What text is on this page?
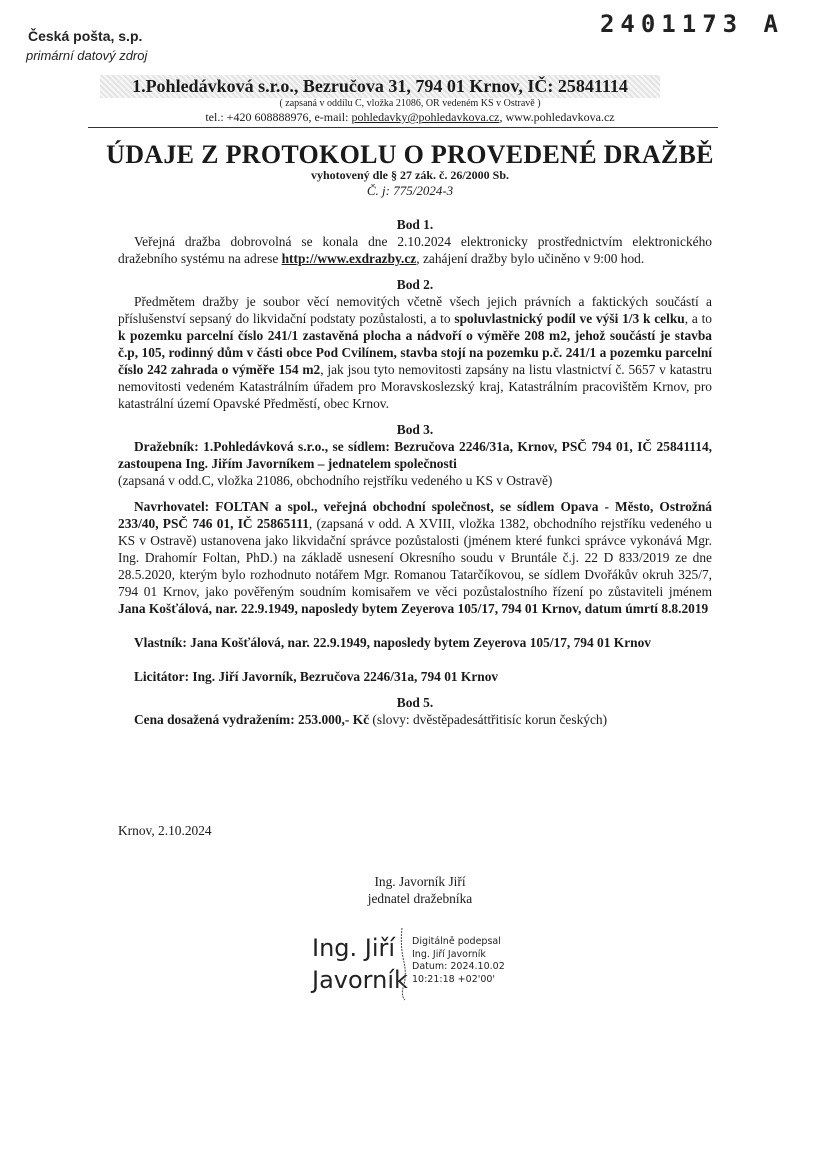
2401173 A
Česká pošta, s.p.
primární datový zdroj
1.Pohledávková s.r.o., Bezručova 31, 794 01 Krnov, IČ: 25841114
( zapsaná v oddílu C, vložka 21086, OR vedeném KS v Ostravě )
tel.: +420 608888976, e-mail: pohledavky@pohledavkova.cz, www.pohledavkova.cz
ÚDAJE Z PROTOKOLU O PROVEDENÉ DRAŽBĚ
vyhotovený dle § 27 zák. č. 26/2000 Sb.
Č. j: 775/2024-3
Bod 1.

Veřejná dražba dobrovolná se konala dne 2.10.2024 elektronicky prostřednictvím elektronického dražebního systému na adrese http://www.exdrazby.cz, zahájení dražby bylo učiněno v 9:00 hod.

Bod 2.

Předmětem dražby je soubor věcí nemovitých včetně všech jejich právních a faktických součástí a příslušenství sepsaný do likvidační podstaty pozůstalosti, a to spoluvlastnický podíl ve výši 1/3 k celku, a to k pozemku parcelní číslo 241/1 zastavěná plocha a nádvoří o výměře 208 m2, jehož součástí je stavba č.p, 105, rodinný dům v části obce Pod Cvilínem, stavba stojí na pozemku p.č. 241/1 a pozemku parcelní číslo 242 zahrada o výměře 154 m2, jak jsou tyto nemovitosti zapsány na listu vlastnictví č. 5657 v katastru nemovitosti vedeném Katastrálním úřadem pro Moravskoslezský kraj, Katastrálním pracovištěm Krnov, pro katastrální území Opavské Předměstí, obec Krnov.

Bod 3.

Dražebník: 1.Pohledávková s.r.o., se sídlem: Bezručova 2246/31a, Krnov, PSČ 794 01, IČ 25841114, zastoupena Ing. Jiřím Javorníkem – jednatelem společnosti

(zapsaná v odd.C, vložka 21086, obchodního rejstříku vedeného u KS v Ostravě)

Navrhovatel: FOLTAN a spol., veřejná obchodní společnost, se sídlem Opava - Město, Ostrožná 233/40, PSČ 746 01, IČ 25865111, (zapsaná v odd. A XVIII, vložka 1382, obchodního rejstříku vedeného u KS v Ostravě) ustanovena jako likvidační správce pozůstalosti (jménem které funkci správce vykonává Mgr. Ing. Drahomír Foltan, PhD.) na základě usnesení Okresního soudu v Bruntále č.j. 22 D 833/2019 ze dne 28.5.2020, kterým bylo rozhodnuto notářem Mgr. Romanou Tatarčíkovou, se sídlem Dvořákův okruh 325/7, 794 01 Krnov, jako pověřeným soudním komisařem ve věci pozůstalostního řízení po zůstaviteli jménem Jana Košťálová, nar. 22.9.1949, naposledy bytem Zeyerova 105/17, 794 01 Krnov, datum úmrtí 8.8.2019

Vlastník: Jana Košťálová, nar. 22.9.1949, naposledy bytem Zeyerova 105/17, 794 01 Krnov

Licitátor: Ing. Jiří Javorník, Bezručova 2246/31a, 794 01 Krnov

Bod 5.

Cena dosažená vydražením: 253.000,- Kč (slovy: dvěstěpadesáttřitisíc korun českých)

Krnov, 2.10.2024
Ing. Javorník Jiří
jednatel dražebníka
Ing. Jiří
Javorník
Digitálně podepsal
Ing. Jiří Javorník
Datum: 2024.10.02
10:21:18 +02'00'
